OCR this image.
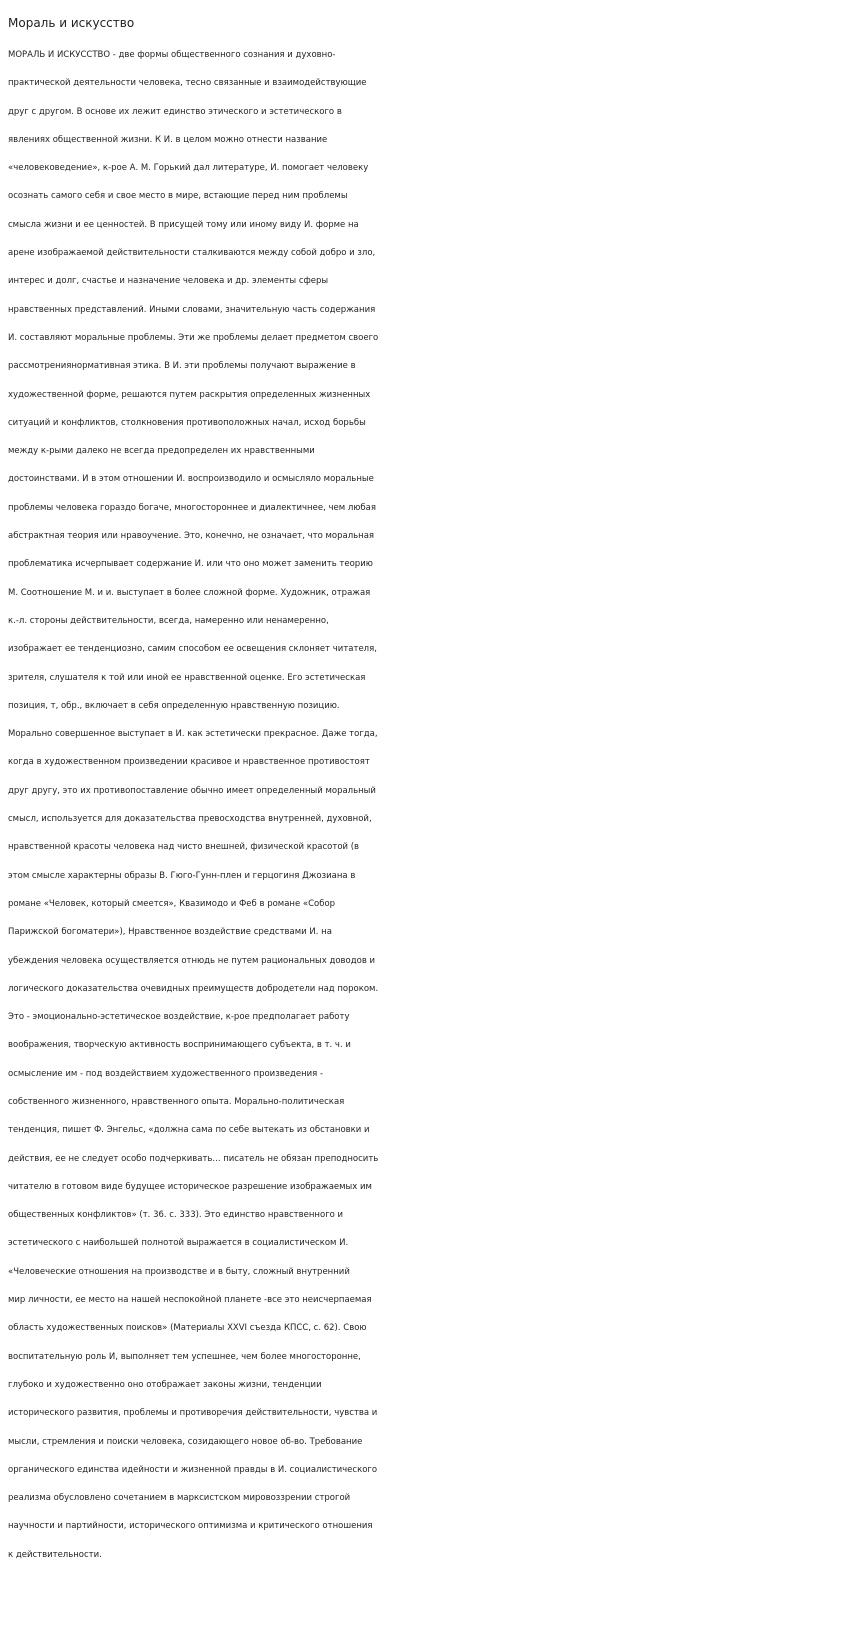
Мораль и искусство
МОРАЛЬ И ИСКУССТВО - две формы общественного сознания и духовно-
практической деятельности человека, тесно связанные и взаимодействующие
друг с другом. В основе их лежит единство этического и эстетического в
явлениях общественной жизни. К И. в целом можно отнести название
«человековедение», к-рое А. М. Горький дал литературе, И. помогает человеку
осознать самого себя и свое место в мире, встающие перед ним проблемы
смысла жизни и ее ценностей. В присущей тому или иному виду И. форме на
арене изображаемой действительности сталкиваются между собой добро и зло,
интерес и долг, счастье и назначение человека и др. элементы сферы
нравственных представлений. Иными словами, значительную часть содержания
И. составляют моральные проблемы. Эти же проблемы делает предметом своего
рассмотрениянормативная этика. В И. эти проблемы получают выражение в
художественной форме, решаются путем раскрытия определенных жизненных
ситуаций и конфликтов, столкновения противоположных начал, исход борьбы
между к-рыми далеко не всегда предопределен их нравственными
достоинствами. И в этом отношении И. воспроизводило и осмысляло моральные
проблемы человека гораздо богаче, многостороннее и диалектичнее, чем любая
абстрактная теория или нравоучение. Это, конечно, не означает, что моральная
проблематика исчерпывает содержание И. или что оно может заменить теорию
М. Соотношение М. и и. выступает в более сложной форме. Художник, отражая
к.-л. стороны действительности, всегда, намеренно или ненамеренно,
изображает ее тенденциозно, самим способом ее освещения склоняет читателя,
зрителя, слушателя к той или иной ее нравственной оценке. Его эстетическая
позиция, т, обр., включает в себя определенную нравственную позицию.
Морально совершенное выступает в И. как эстетически прекрасное. Даже тогда,
когда в художественном произведении красивое и нравственное противостоят
друг другу, это их противопоставление обычно имеет определенный моральный
смысл, используется для доказательства превосходства внутренней, духовной,
нравственной красоты человека над чисто внешней, физической красотой (в
этом смысле характерны образы В. Гюго-Гунн-плен и герцогиня Джозиана в
романе «Человек, который смеется», Квазимодо и Феб в романе «Собор
Парижской богоматери»), Нравственное воздействие средствами И. на
убеждения человека осуществляется отнюдь не путем рациональных доводов и
логического доказательства очевидных преимуществ добродетели над пороком.
Это - эмоционально-эстетическое воздействие, к-рое предполагает работу
воображения, творческую активность воспринимающего субъекта, в т. ч. и
осмысление им - под воздействием художественного произведения -
собственного жизненного, нравственного опыта. Морально-политическая
тенденция, пишет Ф. Энгельс, «должна сама по себе вытекать из обстановки и
действия, ее не следует особо подчеркивать... писатель не обязан преподносить
читателю в готовом виде будущее историческое разрешение изображаемых им
общественных конфликтов» (т. 36. с. 333). Это единство нравственного и
эстетического с наибольшей полнотой выражается в социалистическом И.
«Человеческие отношения на производстве и в быту, сложный внутренний
мир личности, ее место на нашей неспокойной планете -все это неисчерпаемая
область художественных поисков» (Материалы XXVI съезда КПСС, с. 62). Свою
воспитательную роль И, выполняет тем успешнее, чем более многосторонне,
глубоко и художественно оно отображает законы жизни, тенденции
исторического развития, проблемы и противоречия действительности, чувства и
мысли, стремления и поиски человека, созидающего новое об-во. Требование
органического единства идейности и жизненной правды в И. социалистического
реализма обусловлено сочетанием в марксистском мировоззрении строгой
научности и партийности, исторического оптимизма и критического отношения
к действительности.
